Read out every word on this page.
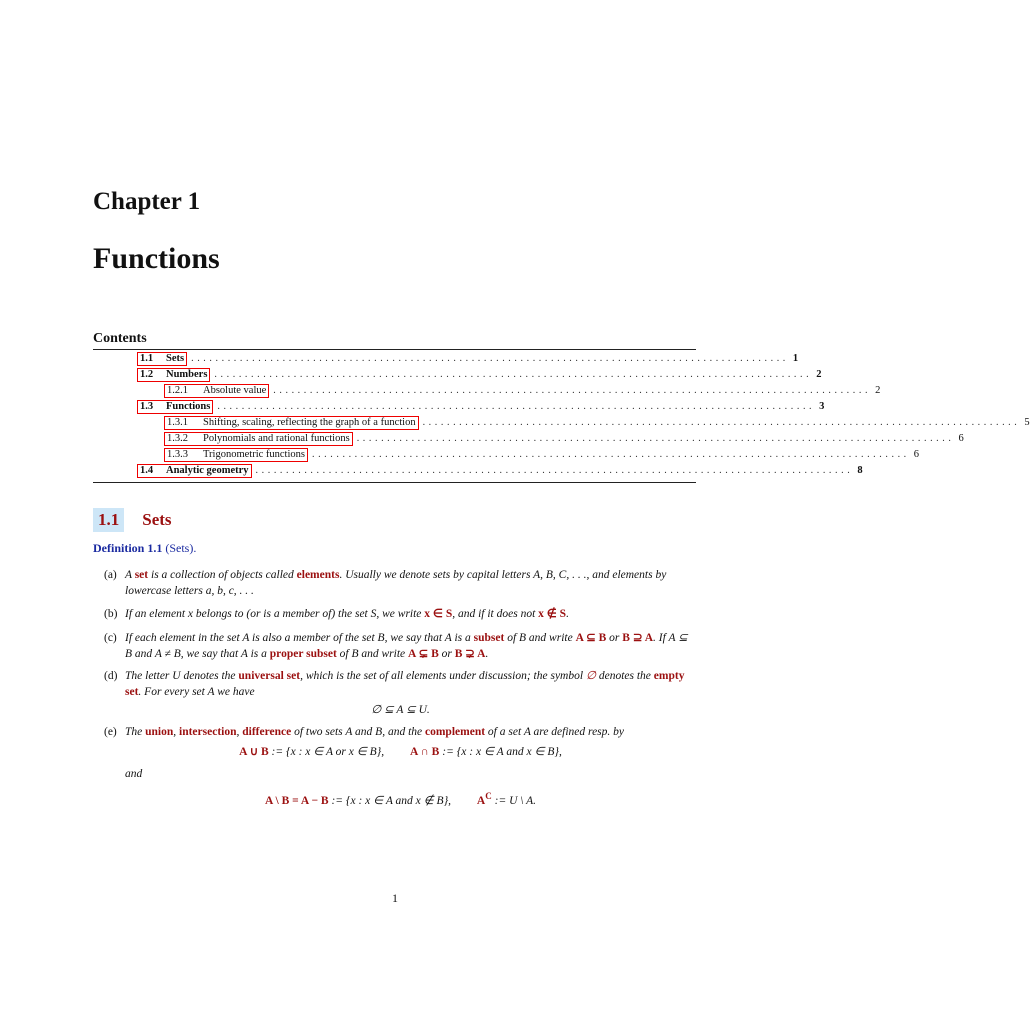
Chapter 1
Functions
Contents
1.1 Sets .................................................................................................. 1
1.2 Numbers .................................................................................................. 2
1.2.1 Absolute value .................................................................................................. 2
1.3 Functions .................................................................................................. 3
1.3.1 Shifting, scaling, reflecting the graph of a function .................................................................................................. 5
1.3.2 Polynomials and rational functions .................................................................................................. 6
1.3.3 Trigonometric functions .................................................................................................. 6
1.4 Analytic geometry .................................................................................................. 8
1.1 Sets
Definition 1.1 (Sets).
(a) A set is a collection of objects called elements. Usually we denote sets by capital letters A, B, C, . . ., and elements by lowercase letters a, b, c, . . .
(b) If an element x belongs to (or is a member of) the set S, we write x ∈ S, and if it does not x ∉ S.
(c) If each element in the set A is also a member of the set B, we say that A is a subset of B and write A ⊆ B or B ⊇ A. If A ⊆ B and A ≠ B, we say that A is a proper subset of B and write A ⊊ B or B ⊋ A.
(d) The letter U denotes the universal set, which is the set of all elements under discussion; the symbol ∅ denotes the empty set. For every set A we have
∅ ⊆ A ⊆ U.
(e) The union, intersection, difference of two sets A and B, and the complement of a set A are defined resp. by
A ∪ B := {x : x ∈ A or x ∈ B},         A ∩ B := {x : x ∈ A and x ∈ B},
and
A \ B = A − B := {x : x ∈ A and x ∉ B},         $A^C$ := U \ A.
1
